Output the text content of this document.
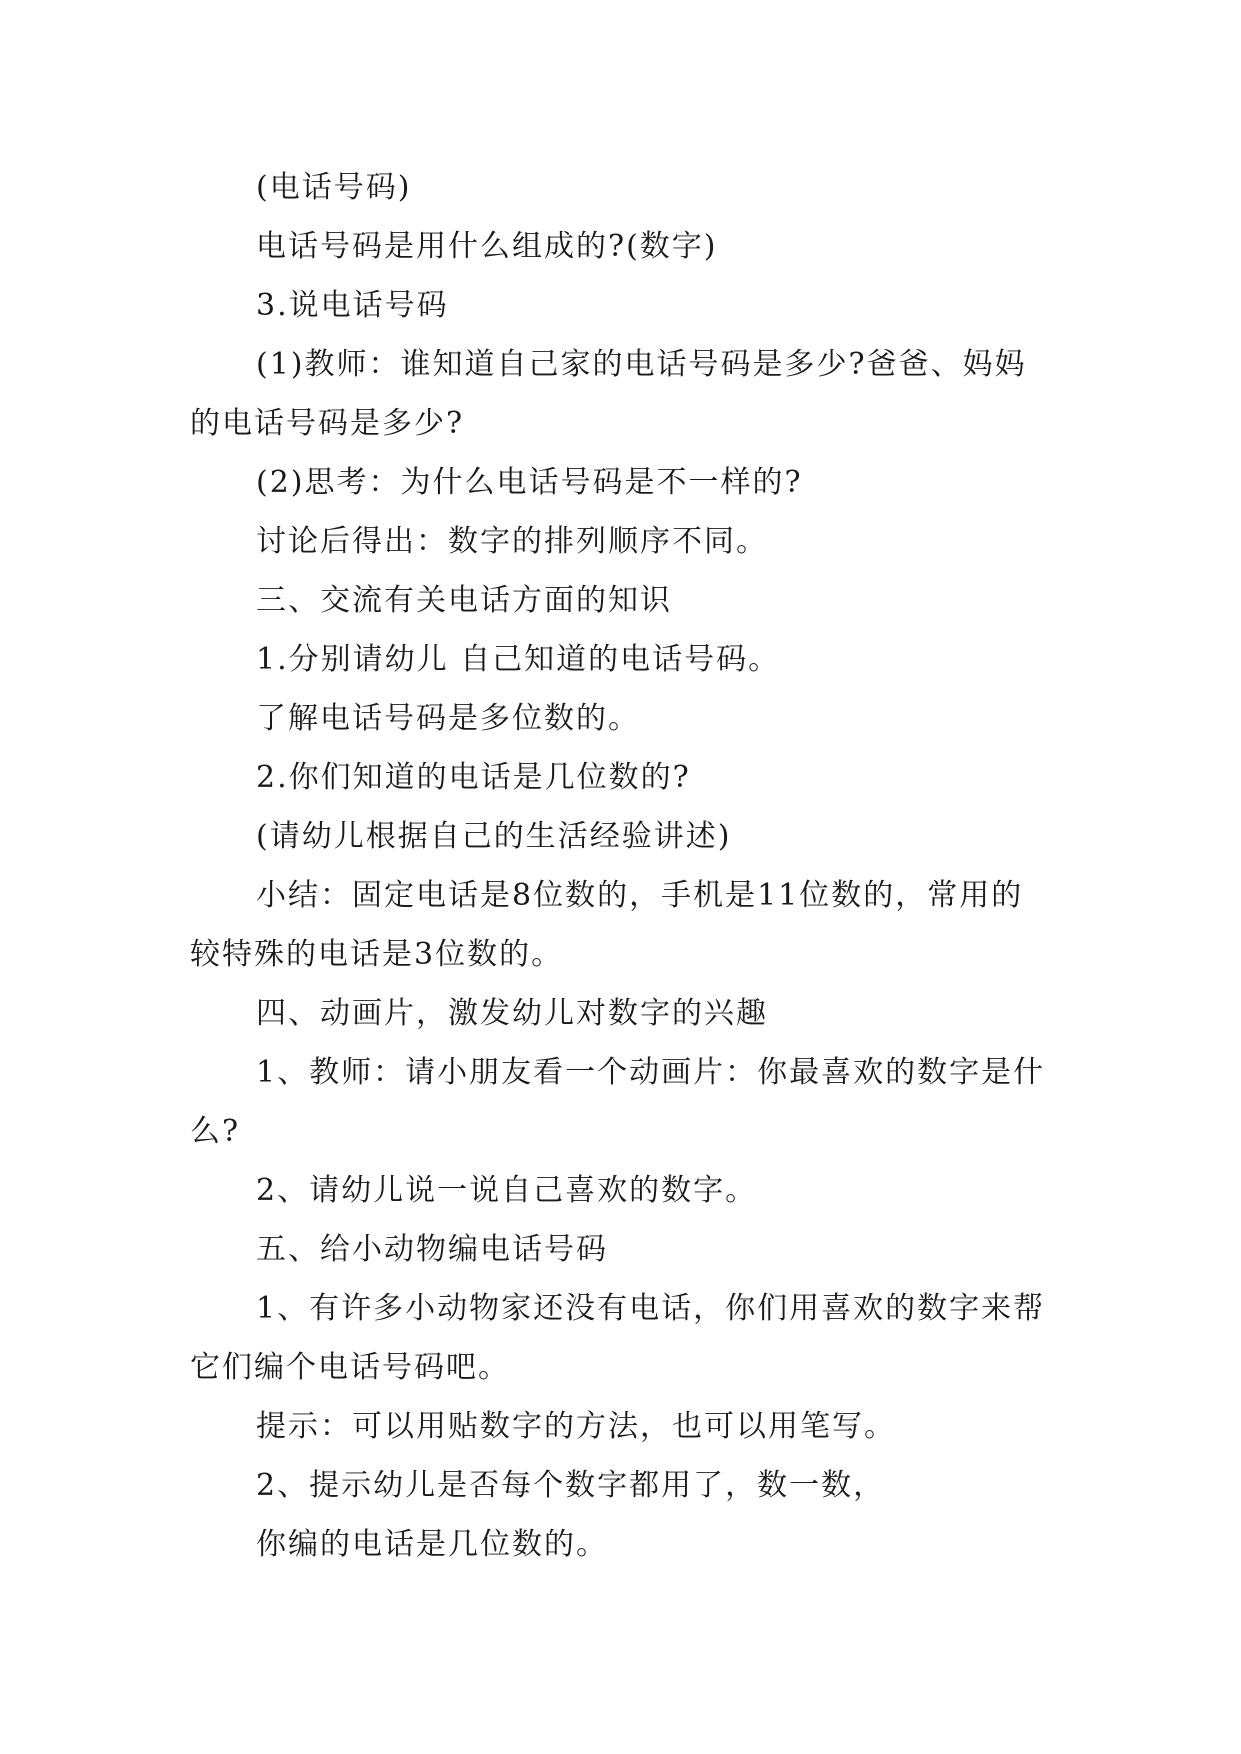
(电话号码)

电话号码是用什么组成的?(数字)

3.说电话号码

(1)教师：谁知道自己家的电话号码是多少?爸爸、妈妈的电话号码是多少?

(2)思考：为什么电话号码是不一样的?

讨论后得出：数字的排列顺序不同。

三、交流有关电话方面的知识

1.分别请幼儿 自己知道的电话号码。

了解电话号码是多位数的。

2.你们知道的电话是几位数的?

(请幼儿根据自己的生活经验讲述)

小结：固定电话是8位数的，手机是11位数的，常用的较特殊的电话是3位数的。

四、动画片，激发幼儿对数字的兴趣

1、教师：请小朋友看一个动画片：你最喜欢的数字是什么?

2、请幼儿说一说自己喜欢的数字。

五、给小动物编电话号码

1、有许多小动物家还没有电话，你们用喜欢的数字来帮它们编个电话号码吧。

提示：可以用贴数字的方法，也可以用笔写。

2、提示幼儿是否每个数字都用了，数一数，

你编的电话是几位数的。
